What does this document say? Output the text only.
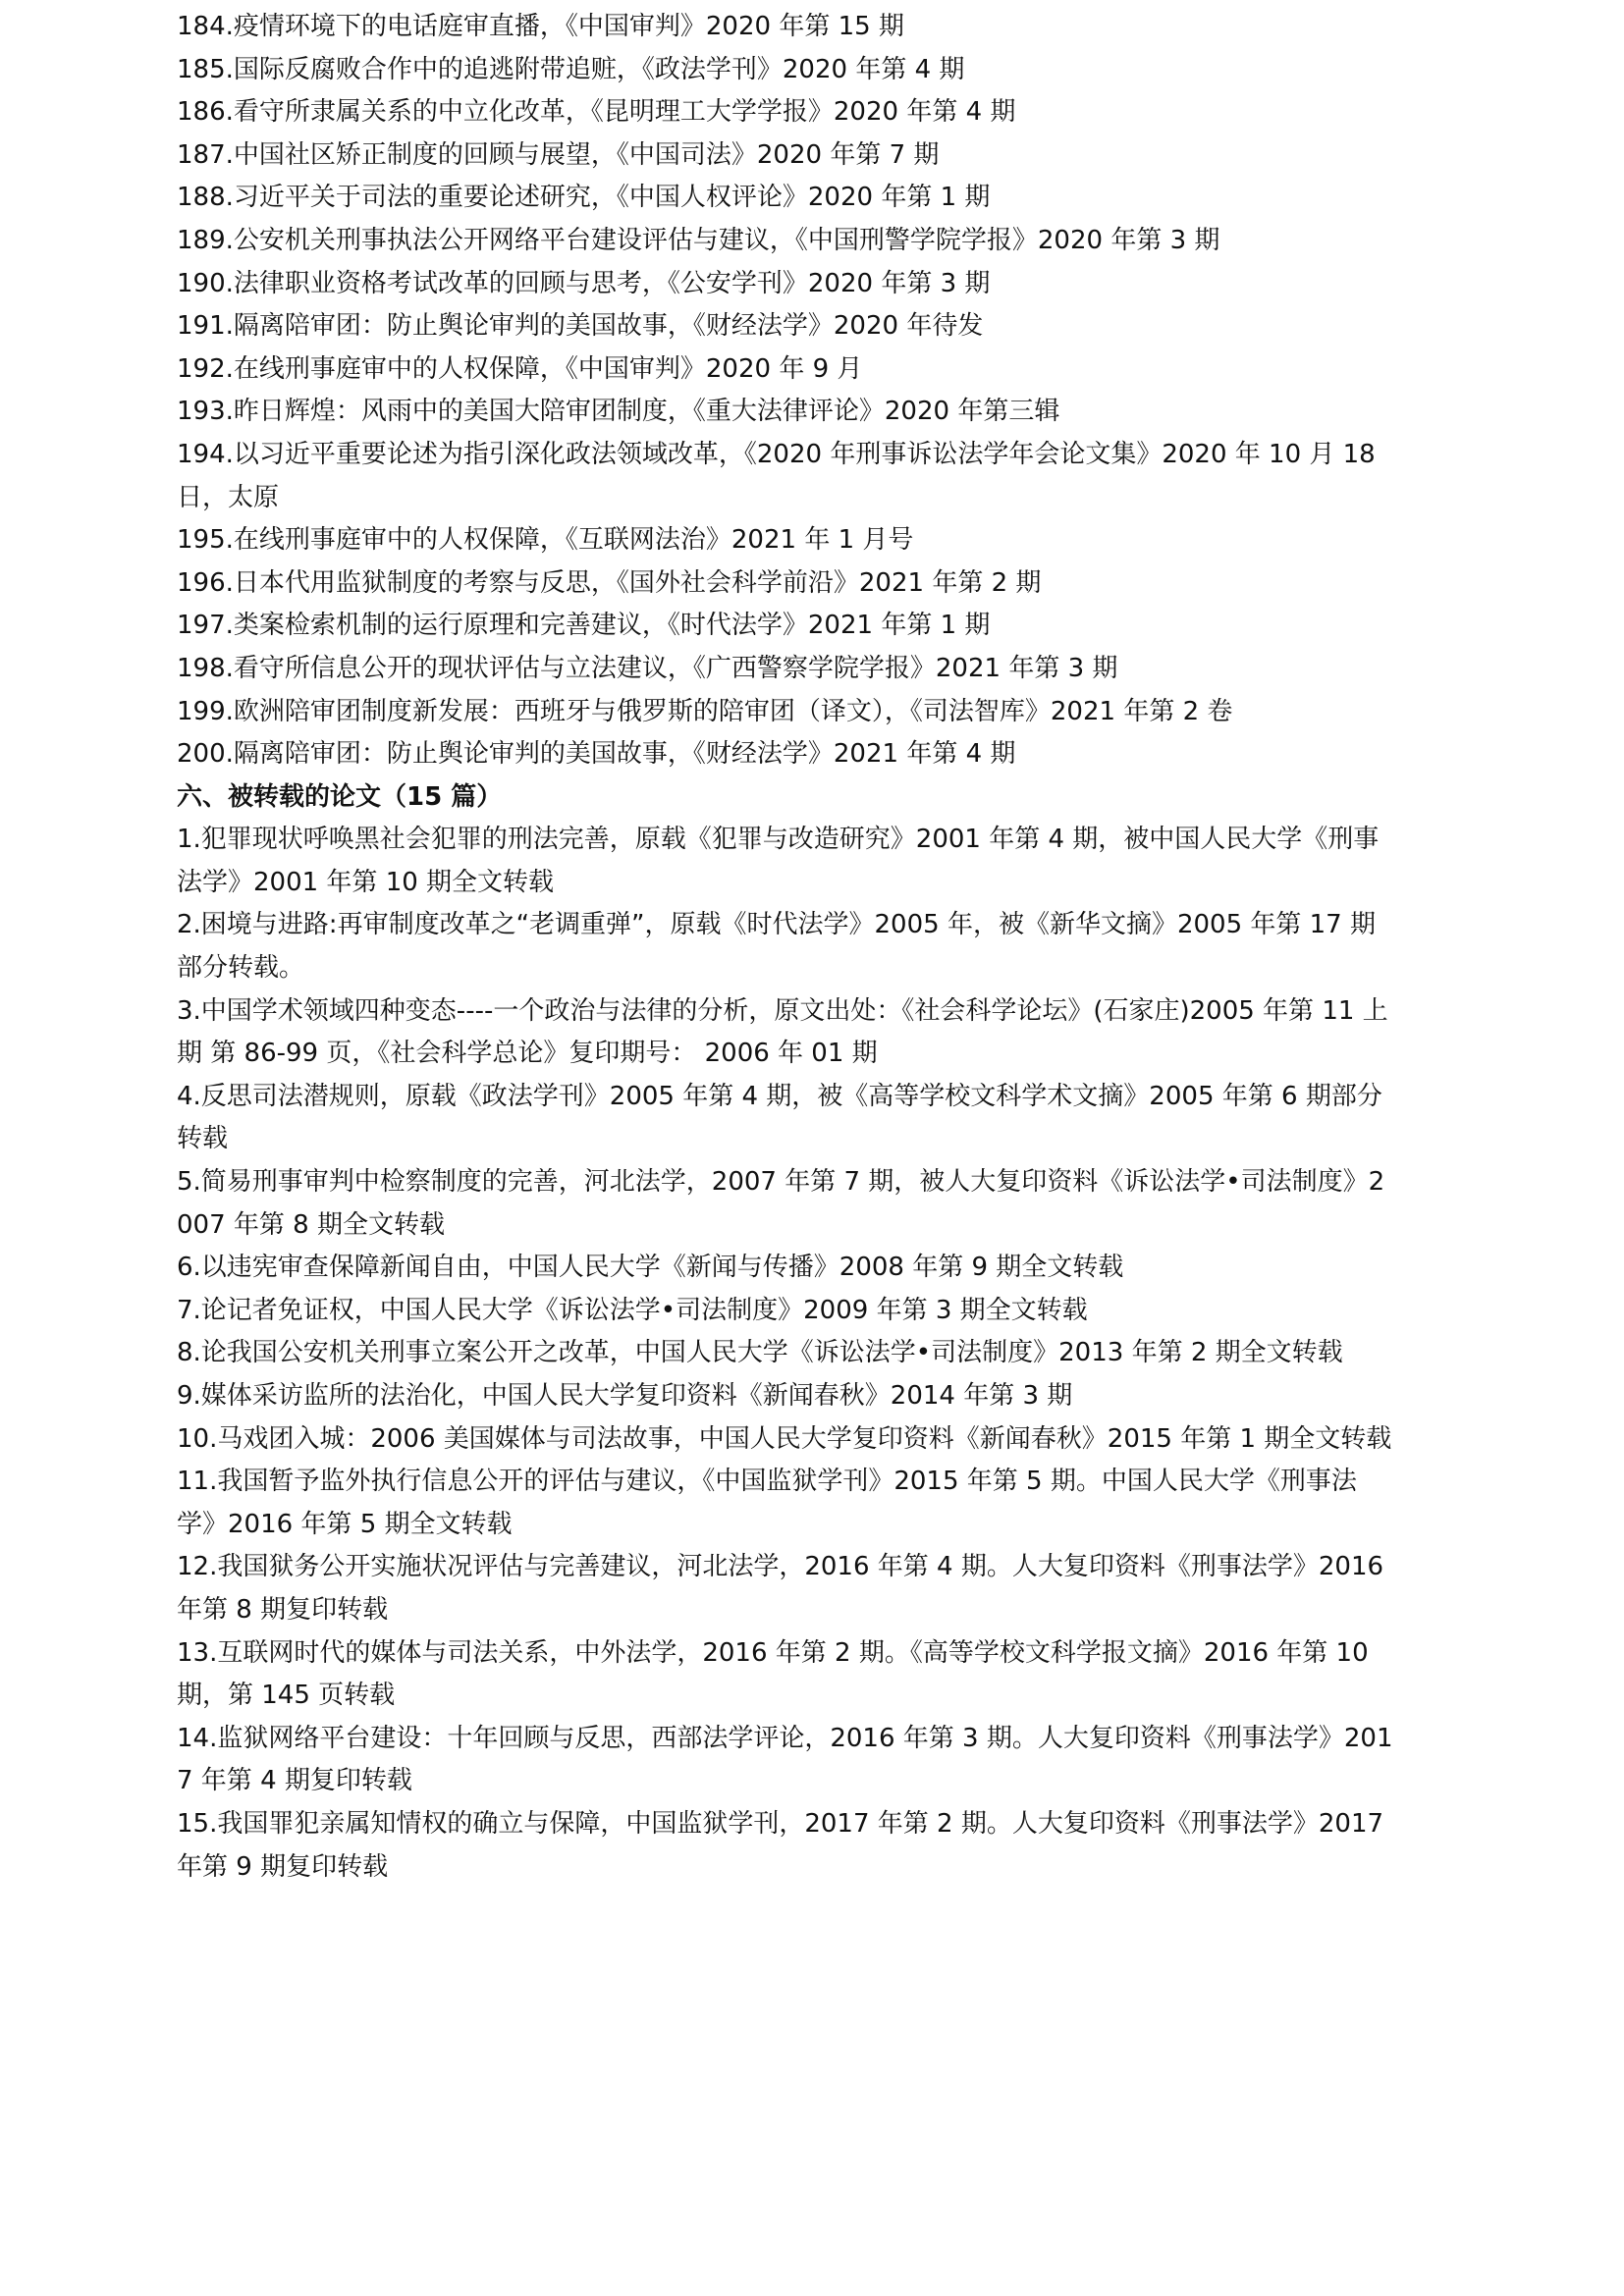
184.疫情环境下的电话庭审直播，《中国审判》2020 年第 15 期

185.国际反腐败合作中的追逃附带追赃，《政法学刊》2020 年第 4 期

186.看守所隶属关系的中立化改革，《昆明理工大学学报》2020 年第 4 期

187.中国社区矫正制度的回顾与展望，《中国司法》2020 年第 7 期

188.习近平关于司法的重要论述研究，《中国人权评论》2020 年第 1 期

189.公安机关刑事执法公开网络平台建设评估与建议，《中国刑警学院学报》2020 年第 3 期

190.法律职业资格考试改革的回顾与思考，《公安学刊》2020 年第 3 期

191.隔离陪审团：防止舆论审判的美国故事，《财经法学》2020 年待发

192.在线刑事庭审中的人权保障，《中国审判》2020 年 9 月

193.昨日辉煌：风雨中的美国大陪审团制度，《重大法律评论》2020 年第三辑

194.以习近平重要论述为指引深化政法领域改革，《2020 年刑事诉讼法学年会论文集》2020 年 10 月 18 日，太原

195.在线刑事庭审中的人权保障，《互联网法治》2021 年 1 月号

196.日本代用监狱制度的考察与反思，《国外社会科学前沿》2021 年第 2 期

197.类案检索机制的运行原理和完善建议，《时代法学》2021 年第 1 期

198.看守所信息公开的现状评估与立法建议，《广西警察学院学报》2021 年第 3 期

199.欧洲陪审团制度新发展：西班牙与俄罗斯的陪审团（译文），《司法智库》2021 年第 2 卷

200.隔离陪审团：防止舆论审判的美国故事，《财经法学》2021 年第 4 期

六、被转载的论文（15 篇）

1.犯罪现状呼唤黑社会犯罪的刑法完善，原载《犯罪与改造研究》2001 年第 4 期，被中国人民大学《刑事法学》2001 年第 10 期全文转载

2.困境与进路:再审制度改革之“老调重弹”，原载《时代法学》2005 年，被《新华文摘》2005 年第 17 期部分转载。

3.中国学术领域四种变态----一个政治与法律的分析，原文出处：《社会科学论坛》(石家庄)2005 年第 11 上期 第 86-99 页，《社会科学总论》复印期号： 2006 年 01 期

4.反思司法潜规则，原载《政法学刊》2005 年第 4 期，被《高等学校文科学术文摘》2005 年第 6 期部分转载

5.简易刑事审判中检察制度的完善，河北法学，2007 年第 7 期，被人大复印资料《诉讼法学•司法制度》2007 年第 8 期全文转载

6.以违宪审查保障新闻自由，中国人民大学《新闻与传播》2008 年第 9 期全文转载

7.论记者免证权，中国人民大学《诉讼法学•司法制度》2009 年第 3 期全文转载

8.论我国公安机关刑事立案公开之改革，中国人民大学《诉讼法学•司法制度》2013 年第 2 期全文转载

9.媒体采访监所的法治化，中国人民大学复印资料《新闻春秋》2014 年第 3 期

10.马戏团入城：2006 美国媒体与司法故事，中国人民大学复印资料《新闻春秋》2015 年第 1 期全文转载

11.我国暂予监外执行信息公开的评估与建议，《中国监狱学刊》2015 年第 5 期。中国人民大学《刑事法学》2016 年第 5 期全文转载

12.我国狱务公开实施状况评估与完善建议，河北法学，2016 年第 4 期。人大复印资料《刑事法学》2016 年第 8 期复印转载

13.互联网时代的媒体与司法关系，中外法学，2016 年第 2 期。《高等学校文科学报文摘》2016 年第 10 期，第 145 页转载

14.监狱网络平台建设：十年回顾与反思，西部法学评论，2016 年第 3 期。人大复印资料《刑事法学》2017 年第 4 期复印转载

15.我国罪犯亲属知情权的确立与保障，中国监狱学刊，2017 年第 2 期。人大复印资料《刑事法学》2017 年第 9 期复印转载
